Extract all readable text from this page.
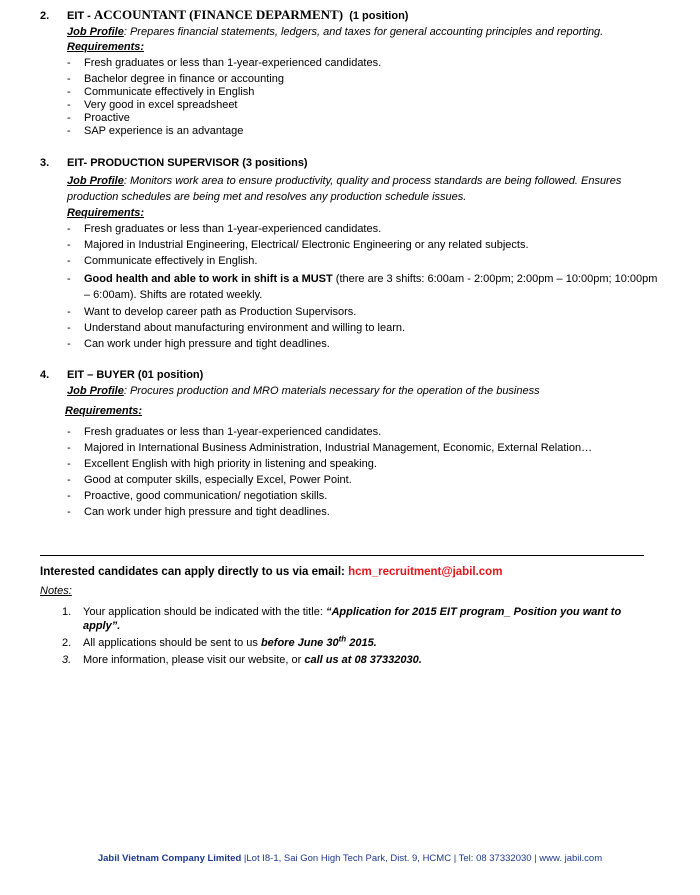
2. EIT - ACCOUNTANT (FINANCE DEPARMENT) (1 position)
Job Profile: Prepares financial statements, ledgers, and taxes for general accounting principles and reporting.
Requirements:
- Fresh graduates or less than 1-year-experienced candidates.
- Bachelor degree in finance or accounting
- Communicate effectively in English
- Very good in excel spreadsheet
- Proactive
- SAP experience is an advantage
3. EIT- PRODUCTION SUPERVISOR (3 positions)
Job Profile: Monitors work area to ensure productivity, quality and process standards are being followed. Ensures production schedules are being met and resolves any production schedule issues.
Requirements:
- Fresh graduates or less than 1-year-experienced candidates.
- Majored in Industrial Engineering, Electrical/ Electronic Engineering or any related subjects.
- Communicate effectively in English.
- Good health and able to work in shift is a MUST (there are 3 shifts: 6:00am - 2:00pm; 2:00pm – 10:00pm; 10:00pm – 6:00am). Shifts are rotated weekly.
- Want to develop career path as Production Supervisors.
- Understand about manufacturing environment and willing to learn.
- Can work under high pressure and tight deadlines.
4. EIT – BUYER (01 position)
Job Profile: Procures production and MRO materials necessary for the operation of the business
Requirements:
- Fresh graduates or less than 1-year-experienced candidates.
- Majored in International Business Administration, Industrial Management, Economic, External Relation…
- Excellent English with high priority in listening and speaking.
- Good at computer skills, especially Excel, Power Point.
- Proactive, good communication/ negotiation skills.
- Can work under high pressure and tight deadlines.
Interested candidates can apply directly to us via email: hcm_recruitment@jabil.com
Notes:
1. Your application should be indicated with the title: “Application for 2015 EIT program_ Position you want to apply”.
2. All applications should be sent to us before June 30th 2015.
3. More information, please visit our website, or call us at 08 37332030.
Jabil Vietnam Company Limited |Lot I8-1, Sai Gon High Tech Park, Dist. 9, HCMC | Tel: 08 37332030 | www. jabil.com
